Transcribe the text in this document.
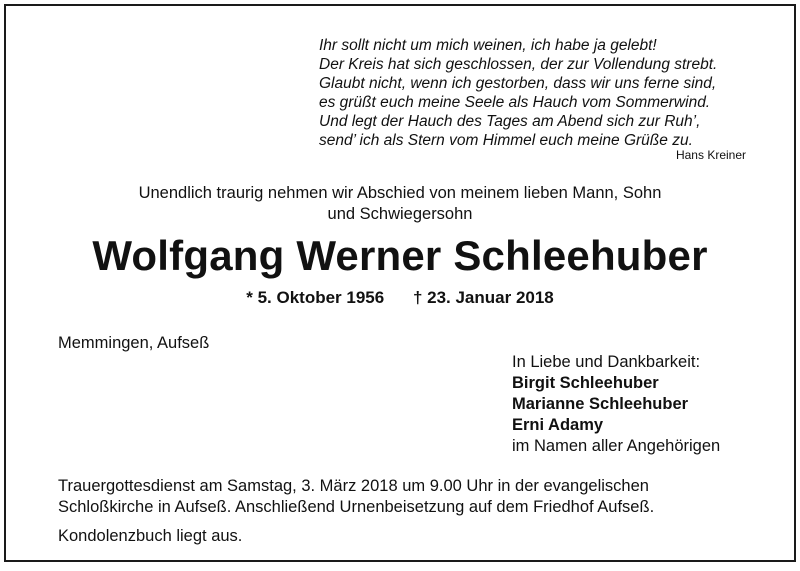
Ihr sollt nicht um mich weinen, ich habe ja gelebt!
Der Kreis hat sich geschlossen, der zur Vollendung strebt.
Glaubt nicht, wenn ich gestorben, dass wir uns ferne sind,
es grüßt euch meine Seele als Hauch vom Sommerwind.
Und legt der Hauch des Tages am Abend sich zur Ruh’,
send’ ich als Stern vom Himmel euch meine Grüße zu.
Hans Kreiner
Unendlich traurig nehmen wir Abschied von meinem lieben Mann, Sohn
und Schwiegersohn
Wolfgang Werner Schleehuber
* 5. Oktober 1956 † 23. Januar 2018
Memmingen, Aufseß
In Liebe und Dankbarkeit:
Birgit Schleehuber
Marianne Schleehuber
Erni Adamy
im Namen aller Angehörigen
Trauergottesdienst am Samstag, 3. März 2018 um 9.00 Uhr in der evangelischen
Schloßkirche in Aufseß. Anschließend Urnenbeisetzung auf dem Friedhof Aufseß.
Kondolenzbuch liegt aus.
